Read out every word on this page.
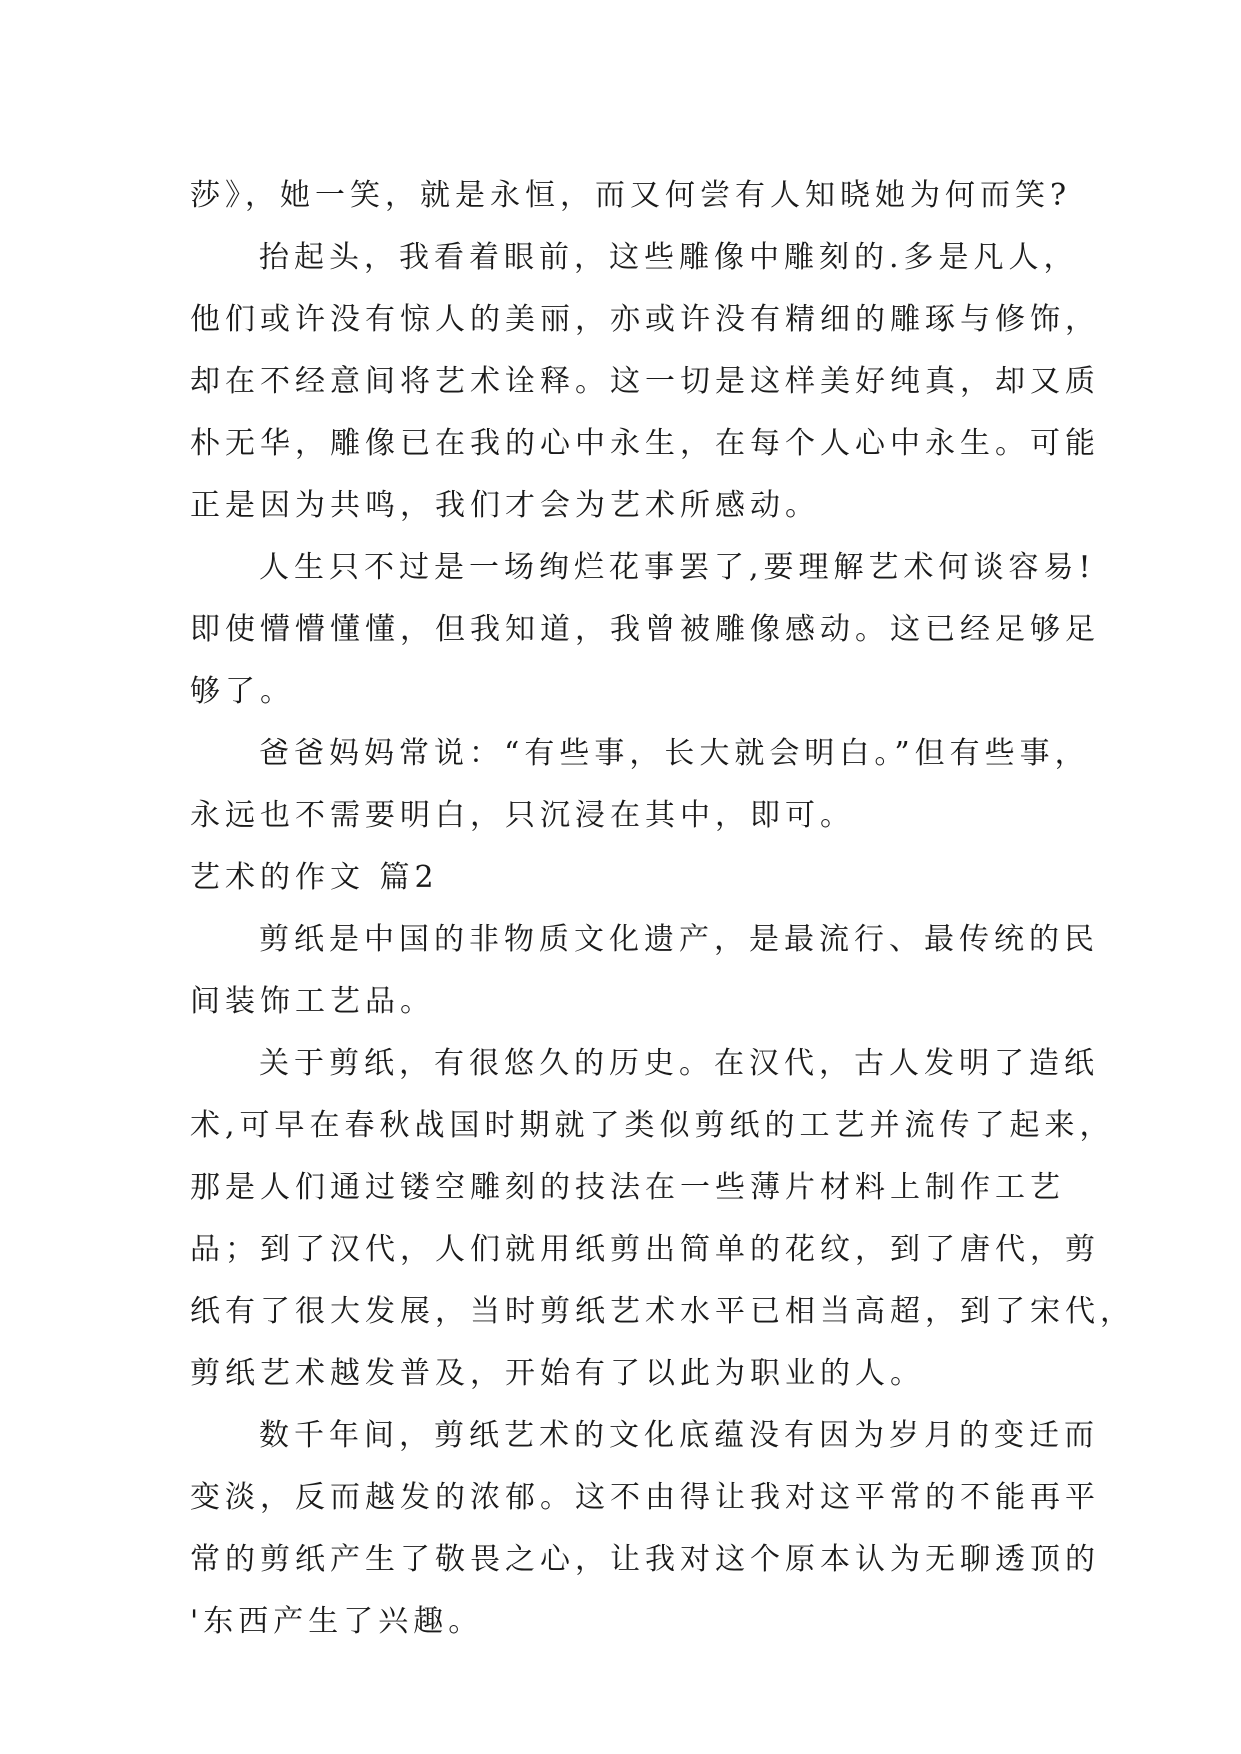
莎》，她一笑，就是永恒，而又何尝有人知晓她为何而笑?
抬起头，我看着眼前，这些雕像中雕刻的.多是凡人，
他们或许没有惊人的美丽，亦或许没有精细的雕琢与修饰，
却在不经意间将艺术诠释。这一切是这样美好纯真，却又质
朴无华，雕像已在我的心中永生，在每个人心中永生。可能
正是因为共鸣，我们才会为艺术所感动。
人生只不过是一场绚烂花事罢了,要理解艺术何谈容易!
即使懵懵懂懂，但我知道，我曾被雕像感动。这已经足够足
够了。
爸爸妈妈常说：“有些事，长大就会明白。”但有些事，
永远也不需要明白，只沉浸在其中，即可。
艺术的作文 篇2
剪纸是中国的非物质文化遗产，是最流行、最传统的民
间装饰工艺品。
关于剪纸，有很悠久的历史。在汉代，古人发明了造纸
术,可早在春秋战国时期就了类似剪纸的工艺并流传了起来，
那是人们通过镂空雕刻的技法在一些薄片材料上制作工艺
品；到了汉代，人们就用纸剪出简单的花纹，到了唐代，剪
纸有了很大发展，当时剪纸艺术水平已相当高超，到了宋代，
剪纸艺术越发普及，开始有了以此为职业的人。
数千年间，剪纸艺术的文化底蕴没有因为岁月的变迁而
变淡，反而越发的浓郁。这不由得让我对这平常的不能再平
常的剪纸产生了敬畏之心，让我对这个原本认为无聊透顶的
'东西产生了兴趣。
